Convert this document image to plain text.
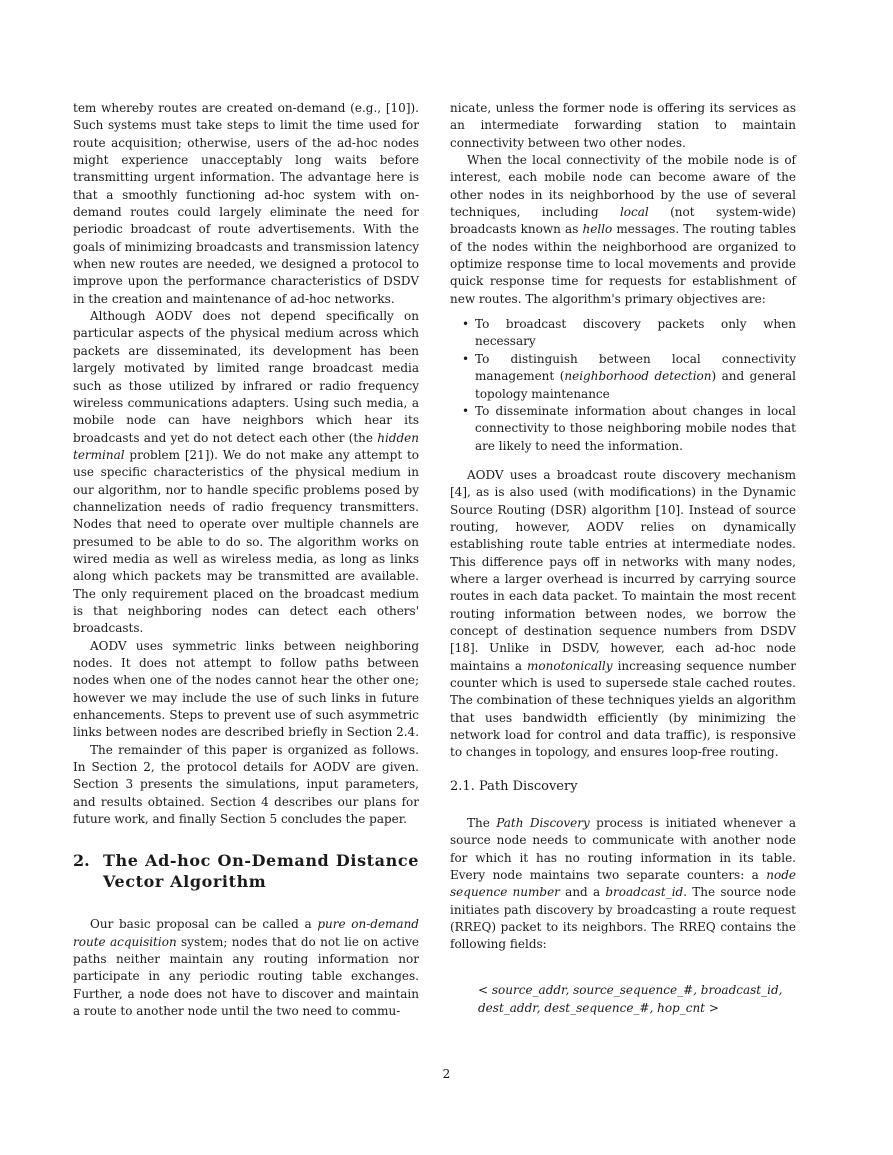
tem whereby routes are created on-demand (e.g., [10]). Such systems must take steps to limit the time used for route acquisition; otherwise, users of the ad-hoc nodes might experience unacceptably long waits before transmitting urgent information. The advantage here is that a smoothly functioning ad-hoc system with on-demand routes could largely eliminate the need for periodic broadcast of route advertisements. With the goals of minimizing broadcasts and transmission latency when new routes are needed, we designed a protocol to improve upon the performance characteristics of DSDV in the creation and maintenance of ad-hoc networks.

Although AODV does not depend specifically on particular aspects of the physical medium across which packets are disseminated, its development has been largely motivated by limited range broadcast media such as those utilized by infrared or radio frequency wireless communications adapters. Using such media, a mobile node can have neighbors which hear its broadcasts and yet do not detect each other (the hidden terminal problem [21]). We do not make any attempt to use specific characteristics of the physical medium in our algorithm, nor to handle specific problems posed by channelization needs of radio frequency transmitters. Nodes that need to operate over multiple channels are presumed to be able to do so. The algorithm works on wired media as well as wireless media, as long as links along which packets may be transmitted are available. The only requirement placed on the broadcast medium is that neighboring nodes can detect each others' broadcasts.

AODV uses symmetric links between neighboring nodes. It does not attempt to follow paths between nodes when one of the nodes cannot hear the other one; however we may include the use of such links in future enhancements. Steps to prevent use of such asymmetric links between nodes are described briefly in Section 2.4.

The remainder of this paper is organized as follows. In Section 2, the protocol details for AODV are given. Section 3 presents the simulations, input parameters, and results obtained. Section 4 describes our plans for future work, and finally Section 5 concludes the paper.

2. The Ad-hoc On-Demand Distance Vector Algorithm

Our basic proposal can be called a pure on-demand route acquisition system; nodes that do not lie on active paths neither maintain any routing information nor participate in any periodic routing table exchanges. Further, a node does not have to discover and maintain a route to another node until the two need to commu-

nicate, unless the former node is offering its services as an intermediate forwarding station to maintain connectivity between two other nodes.

When the local connectivity of the mobile node is of interest, each mobile node can become aware of the other nodes in its neighborhood by the use of several techniques, including local (not system-wide) broadcasts known as hello messages. The routing tables of the nodes within the neighborhood are organized to optimize response time to local movements and provide quick response time for requests for establishment of new routes. The algorithm's primary objectives are:

• To broadcast discovery packets only when necessary
• To distinguish between local connectivity management (neighborhood detection) and general topology maintenance
• To disseminate information about changes in local connectivity to those neighboring mobile nodes that are likely to need the information.

AODV uses a broadcast route discovery mechanism [4], as is also used (with modifications) in the Dynamic Source Routing (DSR) algorithm [10]. Instead of source routing, however, AODV relies on dynamically establishing route table entries at intermediate nodes. This difference pays off in networks with many nodes, where a larger overhead is incurred by carrying source routes in each data packet. To maintain the most recent routing information between nodes, we borrow the concept of destination sequence numbers from DSDV [18]. Unlike in DSDV, however, each ad-hoc node maintains a monotonically increasing sequence number counter which is used to supersede stale cached routes. The combination of these techniques yields an algorithm that uses bandwidth efficiently (by minimizing the network load for control and data traffic), is responsive to changes in topology, and ensures loop-free routing.

2.1. Path Discovery

The Path Discovery process is initiated whenever a source node needs to communicate with another node for which it has no routing information in its table. Every node maintains two separate counters: a node sequence number and a broadcast_id. The source node initiates path discovery by broadcasting a route request (RREQ) packet to its neighbors. The RREQ contains the following fields:

< source_addr, source_sequence_#, broadcast_id,
dest_addr, dest_sequence_#, hop_cnt >
2
